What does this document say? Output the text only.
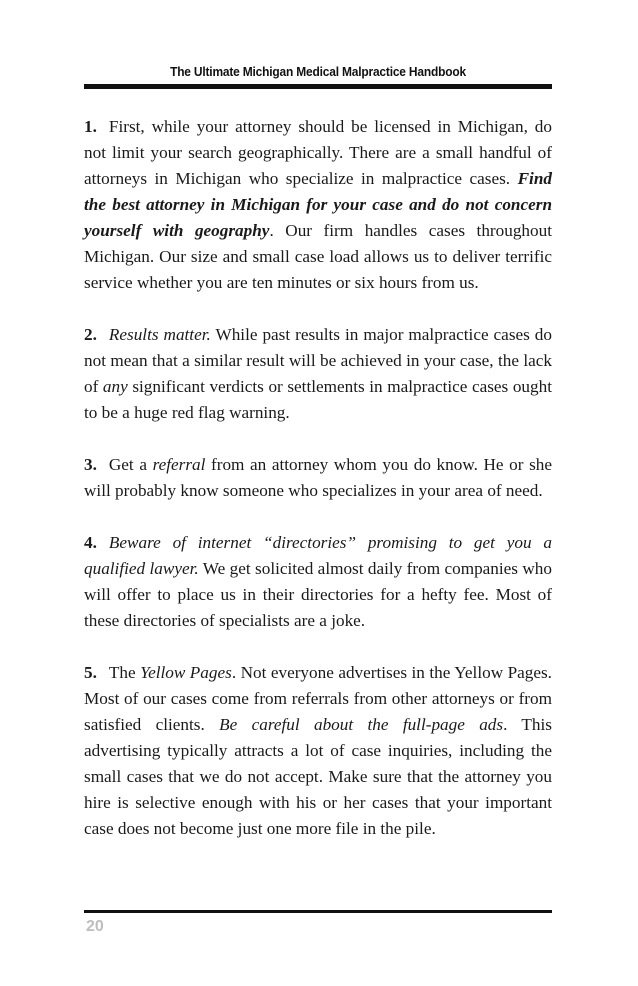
The Ultimate Michigan Medical Malpractice Handbook

1. First, while your attorney should be licensed in Michigan, do not limit your search geographically. There are a small handful of attorneys in Michigan who specialize in malpractice cases. Find the best attorney in Michigan for your case and do not concern yourself with geography. Our firm handles cases throughout Michigan. Our size and small case load allows us to deliver terrific service whether you are ten minutes or six hours from us.

2. Results matter. While past results in major malpractice cases do not mean that a similar result will be achieved in your case, the lack of any significant verdicts or settlements in malpractice cases ought to be a huge red flag warning.

3. Get a referral from an attorney whom you do know. He or she will probably know someone who specializes in your area of need.

4. Beware of internet “directories” promising to get you a qualified lawyer. We get solicited almost daily from companies who will offer to place us in their directories for a hefty fee. Most of these directories of specialists are a joke.

5. The Yellow Pages. Not everyone advertises in the Yellow Pages. Most of our cases come from referrals from other attorneys or from satisfied clients. Be careful about the full-page ads. This advertising typically attracts a lot of case inquiries, including the small cases that we do not accept. Make sure that the attorney you hire is selective enough with his or her cases that your important case does not become just one more file in the pile.

20
